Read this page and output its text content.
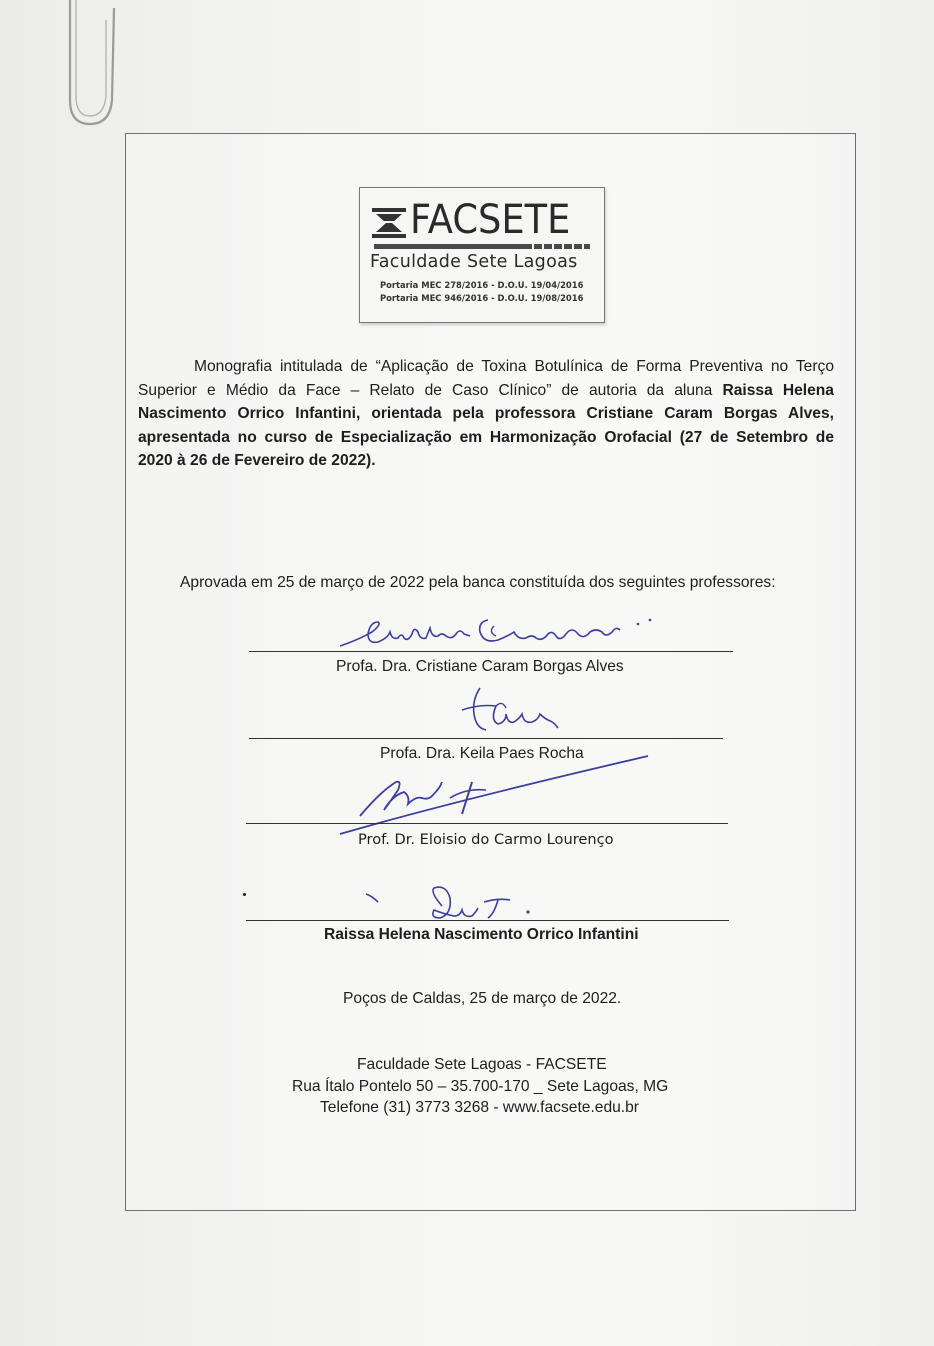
FACSETE
Faculdade Sete Lagoas
Portaria MEC 278/2016 - D.O.U. 19/04/2016
Portaria MEC 946/2016 - D.O.U. 19/08/2016
Monografia intitulada de “Aplicação de Toxina Botulínica de Forma Preventiva no Terço Superior e Médio da Face – Relato de Caso Clínico” de autoria da aluna Raissa Helena Nascimento Orrico Infantini, orientada pela professora Cristiane Caram Borgas Alves, apresentada no curso de Especialização em Harmonização Orofacial (27 de Setembro de 2020 à 26 de Fevereiro de 2022).
Aprovada em 25 de março de 2022 pela banca constituída dos seguintes professores:
Profa. Dra. Cristiane Caram Borgas Alves
Profa. Dra. Keila Paes Rocha
Prof. Dr. Eloisio do Carmo Lourenço
Raissa Helena Nascimento Orrico Infantini
Poços de Caldas, 25 de março de 2022.
Faculdade Sete Lagoas - FACSETE
Rua Ítalo Pontelo 50 – 35.700-170 _ Sete Lagoas, MG
Telefone (31) 3773 3268 - www.facsete.edu.br
